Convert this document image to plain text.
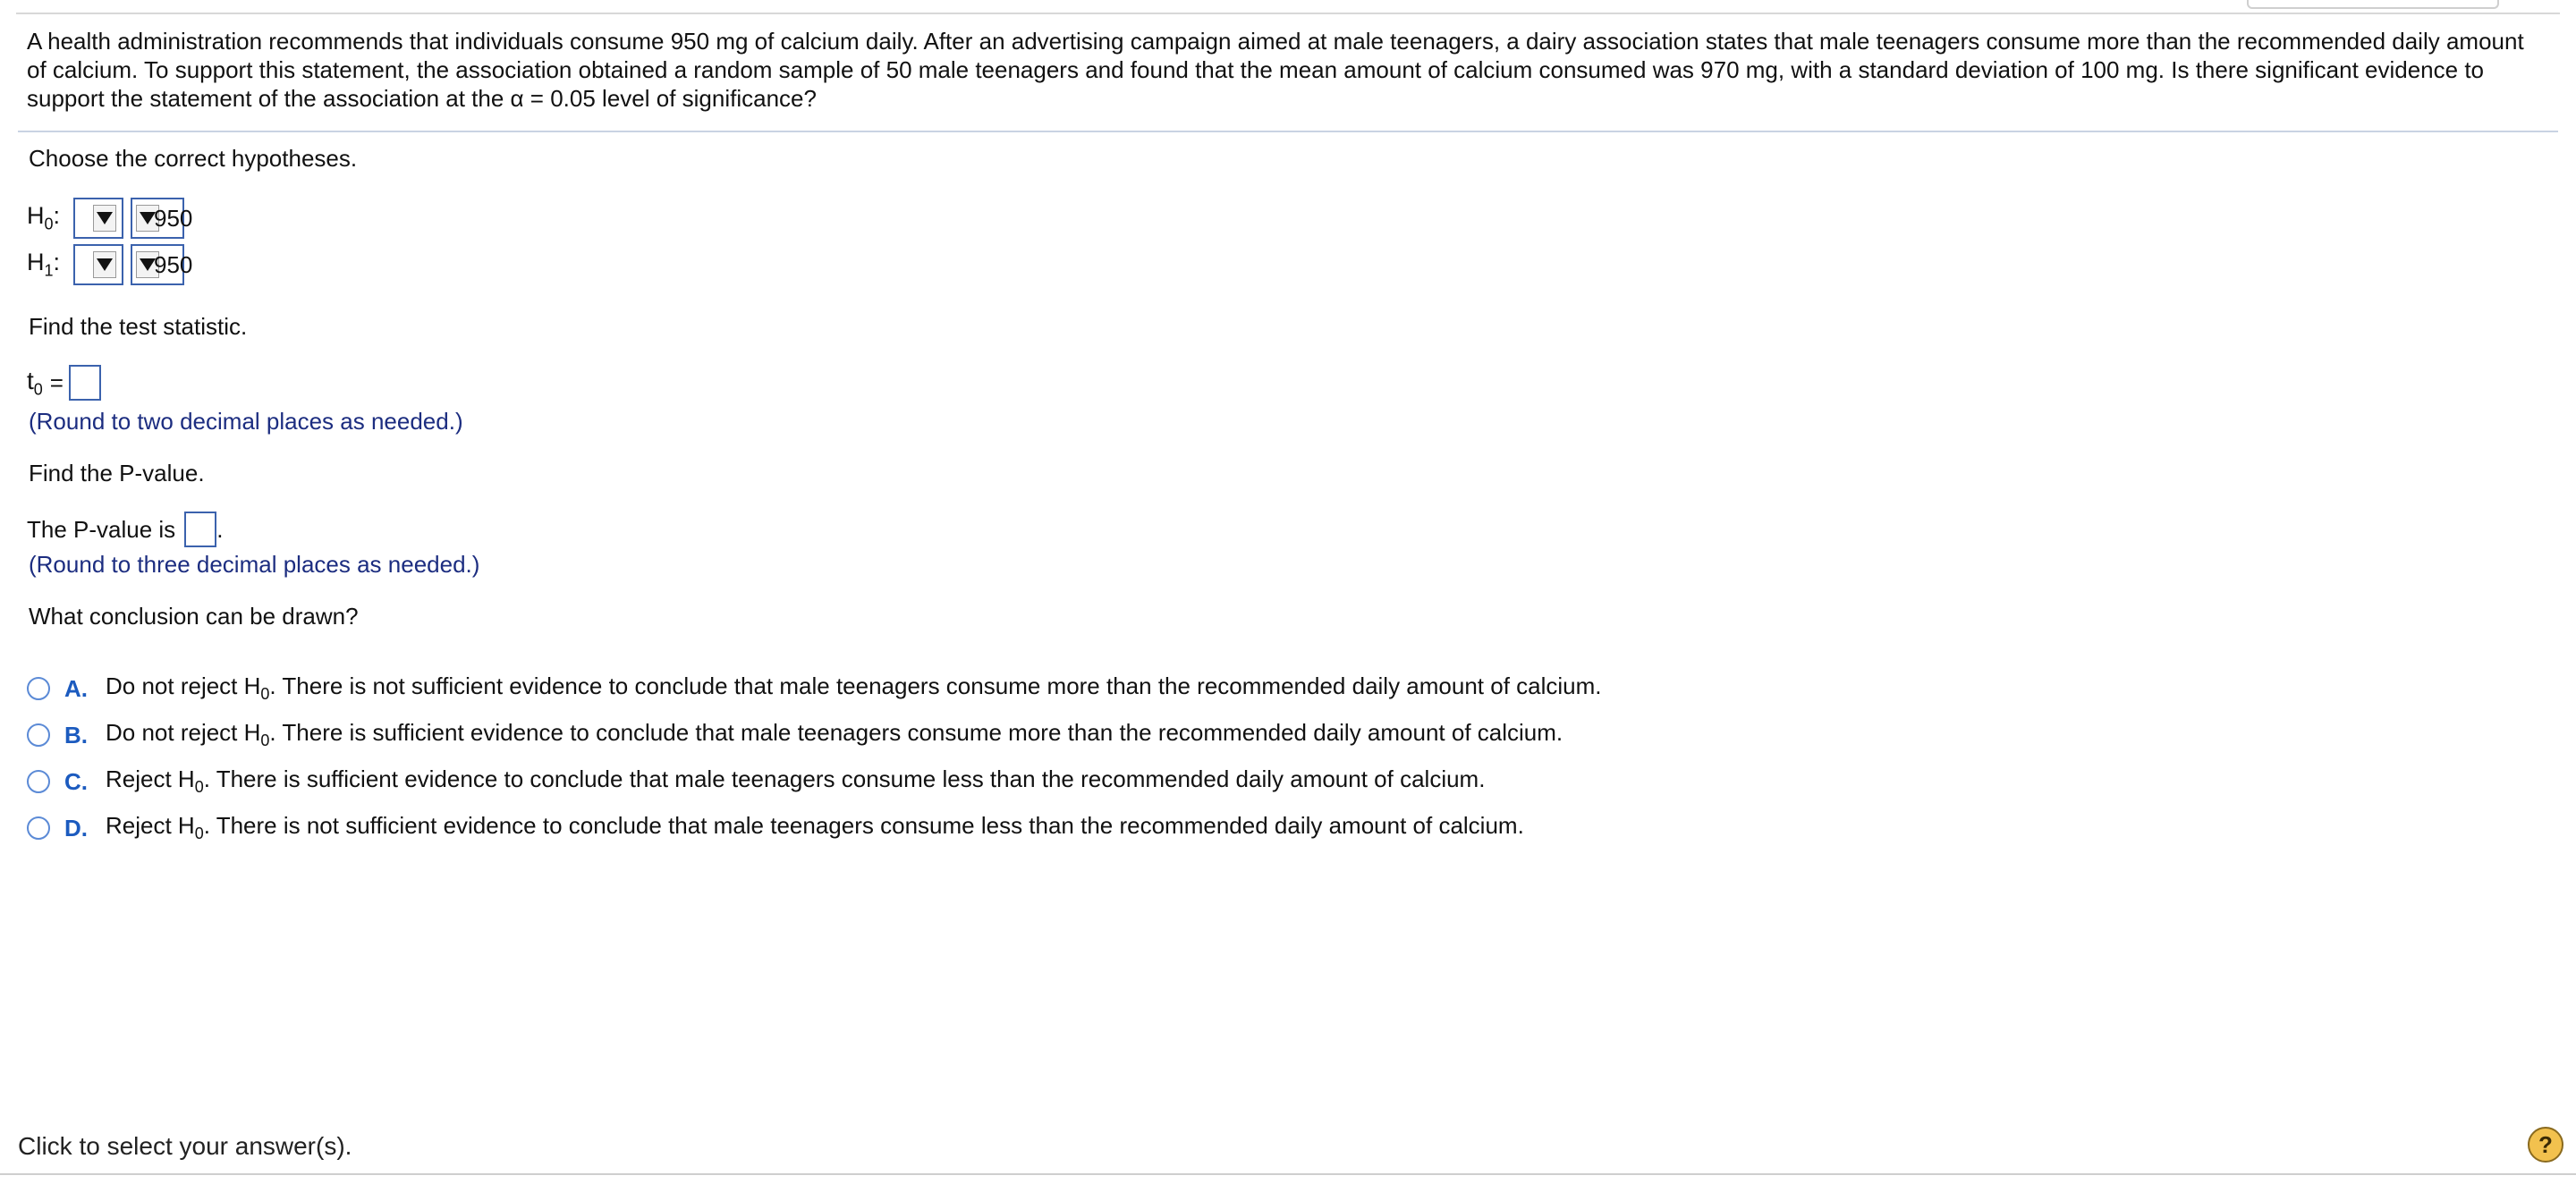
A health administration recommends that individuals consume 950 mg of calcium daily. After an advertising campaign aimed at male teenagers, a dairy association states that male teenagers consume more than the recommended daily amount of calcium. To support this statement, the association obtained a random sample of 50 male teenagers and found that the mean amount of calcium consumed was 970 mg, with a standard deviation of 100 mg. Is there significant evidence to support the statement of the association at the α = 0.05 level of significance?
Choose the correct hypotheses.
$H_0$:	950
$H_1$:	950
Find the test statistic.
$t_0$ =
(Round to two decimal places as needed.)
Find the P-value.
The P-value is .
(Round to three decimal places as needed.)
What conclusion can be drawn?
A. Do not reject $H_0$. There is not sufficient evidence to conclude that male teenagers consume more than the recommended daily amount of calcium.
B. Do not reject $H_0$. There is sufficient evidence to conclude that male teenagers consume more than the recommended daily amount of calcium.
C. Reject $H_0$. There is sufficient evidence to conclude that male teenagers consume less than the recommended daily amount of calcium.
D. Reject $H_0$. There is not sufficient evidence to conclude that male teenagers consume less than the recommended daily amount of calcium.
Click to select your answer(s).	?
